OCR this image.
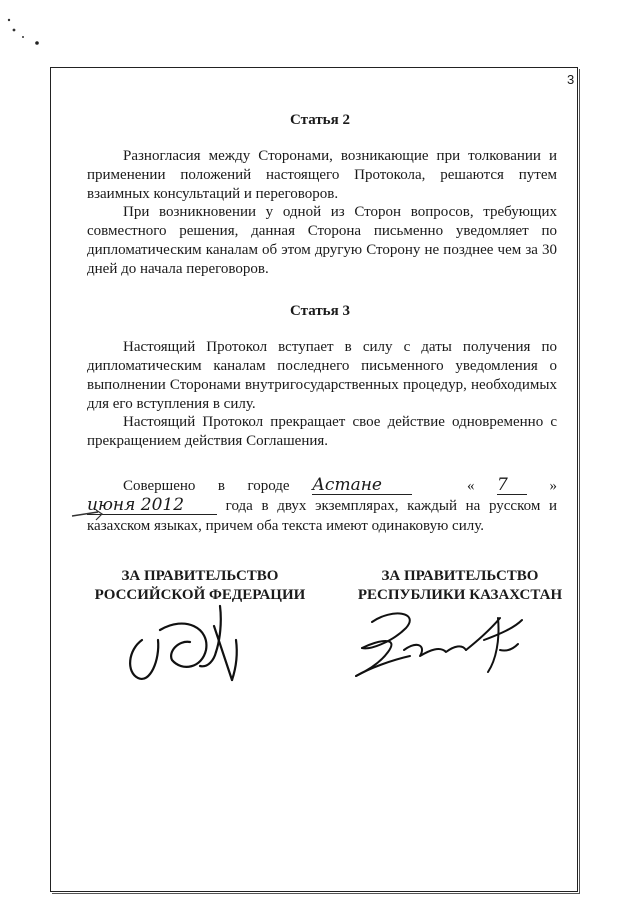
3
Статья 2
Разногласия между Сторонами, возникающие при толковании и применении положений настоящего Протокола, решаются путем взаимных консультаций и переговоров.
При возникновении у одной из Сторон вопросов, требующих совместного решения, данная Сторона письменно уведомляет по дипломатическим каналам об этом другую Сторону не позднее чем за 30 дней до начала переговоров.
Статья 3
Настоящий Протокол вступает в силу с даты получения по дипломатическим каналам последнего письменного уведомления о выполнении Сторонами внутригосударственных процедур, необходимых для его вступления в силу.
Настоящий Протокол прекращает свое действие одновременно с прекращением действия Соглашения.
Совершено в городе Астане	« 7	» июня 2012	года в двух экземплярах, каждый на русском и казахском языках, причем оба текста имеют одинаковую силу.
ЗА ПРАВИТЕЛЬСТВО
РОССИЙСКОЙ ФЕДЕРАЦИИ
ЗА ПРАВИТЕЛЬСТВО
РЕСПУБЛИКИ КАЗАХСТАН
